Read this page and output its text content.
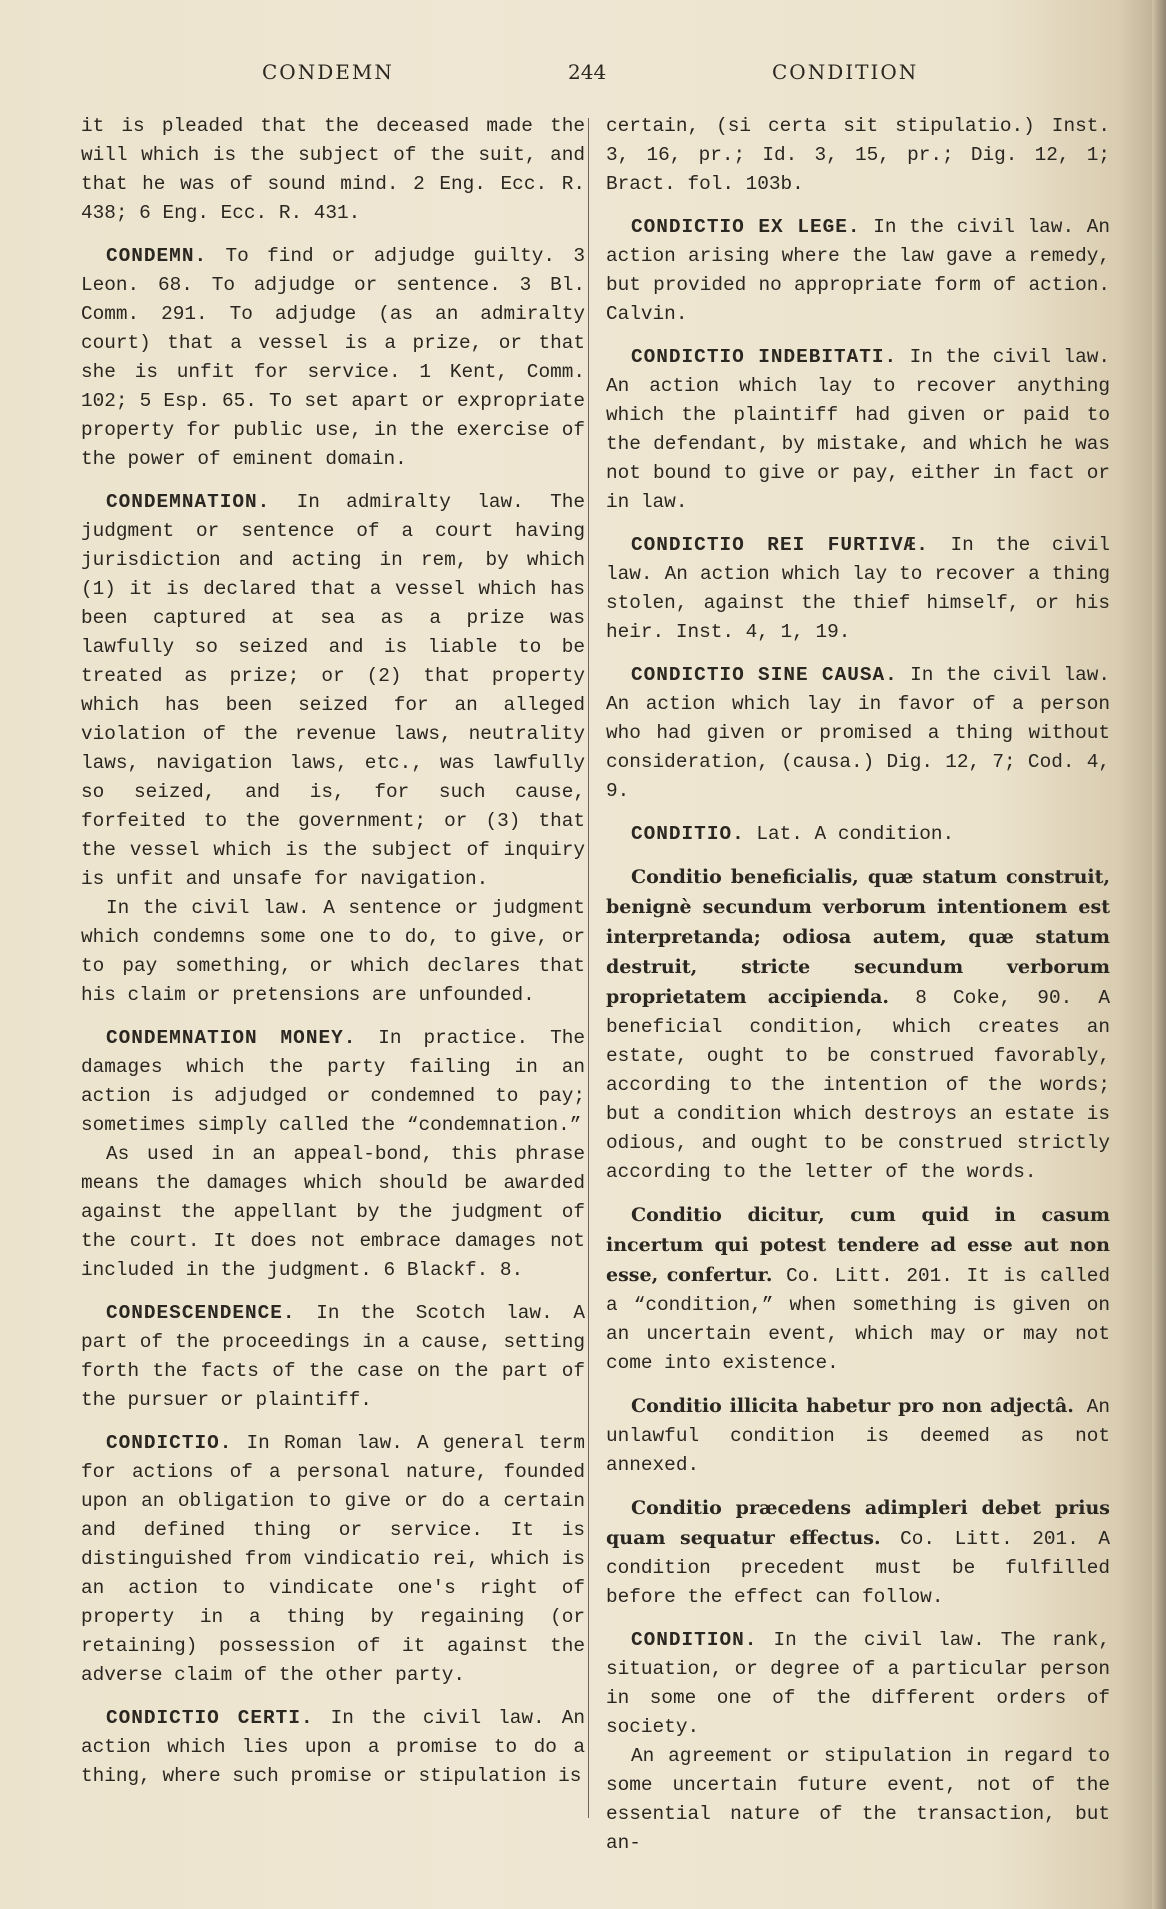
CONDEMN	244	CONDITION

it is pleaded that the deceased made the will which is the subject of the suit, and that he was of sound mind. 2 Eng. Ecc. R. 438; 6 Eng. Ecc. R. 431.

CONDEMN. To find or adjudge guilty. 3 Leon. 68. To adjudge or sentence. 3 Bl. Comm. 291. To adjudge (as an admiralty court) that a vessel is a prize, or that she is unfit for service. 1 Kent, Comm. 102; 5 Esp. 65. To set apart or expropriate property for public use, in the exercise of the power of eminent domain.

CONDEMNATION. In admiralty law. The judgment or sentence of a court having jurisdiction and acting in rem, by which (1) it is declared that a vessel which has been captured at sea as a prize was lawfully so seized and is liable to be treated as prize; or (2) that property which has been seized for an alleged violation of the revenue laws, neutrality laws, navigation laws, etc., was lawfully so seized, and is, for such cause, forfeited to the government; or (3) that the vessel which is the subject of inquiry is unfit and unsafe for navigation.

In the civil law. A sentence or judgment which condemns some one to do, to give, or to pay something, or which declares that his claim or pretensions are unfounded.

CONDEMNATION MONEY. In practice. The damages which the party failing in an action is adjudged or condemned to pay; sometimes simply called the “condemnation.”

As used in an appeal-bond, this phrase means the damages which should be awarded against the appellant by the judgment of the court. It does not embrace damages not included in the judgment. 6 Blackf. 8.

CONDESCENDENCE. In the Scotch law. A part of the proceedings in a cause, setting forth the facts of the case on the part of the pursuer or plaintiff.

CONDICTIO. In Roman law. A general term for actions of a personal nature, founded upon an obligation to give or do a certain and defined thing or service. It is distinguished from vindicatio rei, which is an action to vindicate one's right of property in a thing by regaining (or retaining) possession of it against the adverse claim of the other party.

CONDICTIO CERTI. In the civil law. An action which lies upon a promise to do a thing, where such promise or stipulation is

certain, (si certa sit stipulatio.) Inst. 3, 16, pr.; Id. 3, 15, pr.; Dig. 12, 1; Bract. fol. 103b.

CONDICTIO EX LEGE. In the civil law. An action arising where the law gave a remedy, but provided no appropriate form of action. Calvin.

CONDICTIO INDEBITATI. In the civil law. An action which lay to recover anything which the plaintiff had given or paid to the defendant, by mistake, and which he was not bound to give or pay, either in fact or in law.

CONDICTIO REI FURTIVÆ. In the civil law. An action which lay to recover a thing stolen, against the thief himself, or his heir. Inst. 4, 1, 19.

CONDICTIO SINE CAUSA. In the civil law. An action which lay in favor of a person who had given or promised a thing without consideration, (causa.) Dig. 12, 7; Cod. 4, 9.

CONDITIO. Lat. A condition.

Conditio beneficialis, quæ statum construit, benignè secundum verborum intentionem est interpretanda; odiosa autem, quæ statum destruit, stricte secundum verborum proprietatem accipienda. 8 Coke, 90. A beneficial condition, which creates an estate, ought to be construed favorably, according to the intention of the words; but a condition which destroys an estate is odious, and ought to be construed strictly according to the letter of the words.

Conditio dicitur, cum quid in casum incertum qui potest tendere ad esse aut non esse, confertur. Co. Litt. 201. It is called a “condition,” when something is given on an uncertain event, which may or may not come into existence.

Conditio illicita habetur pro non adjectâ. An unlawful condition is deemed as not annexed.

Conditio præcedens adimpleri debet prius quam sequatur effectus. Co. Litt. 201. A condition precedent must be fulfilled before the effect can follow.

CONDITION. In the civil law. The rank, situation, or degree of a particular person in some one of the different orders of society.

An agreement or stipulation in regard to some uncertain future event, not of the essential nature of the transaction, but an-
